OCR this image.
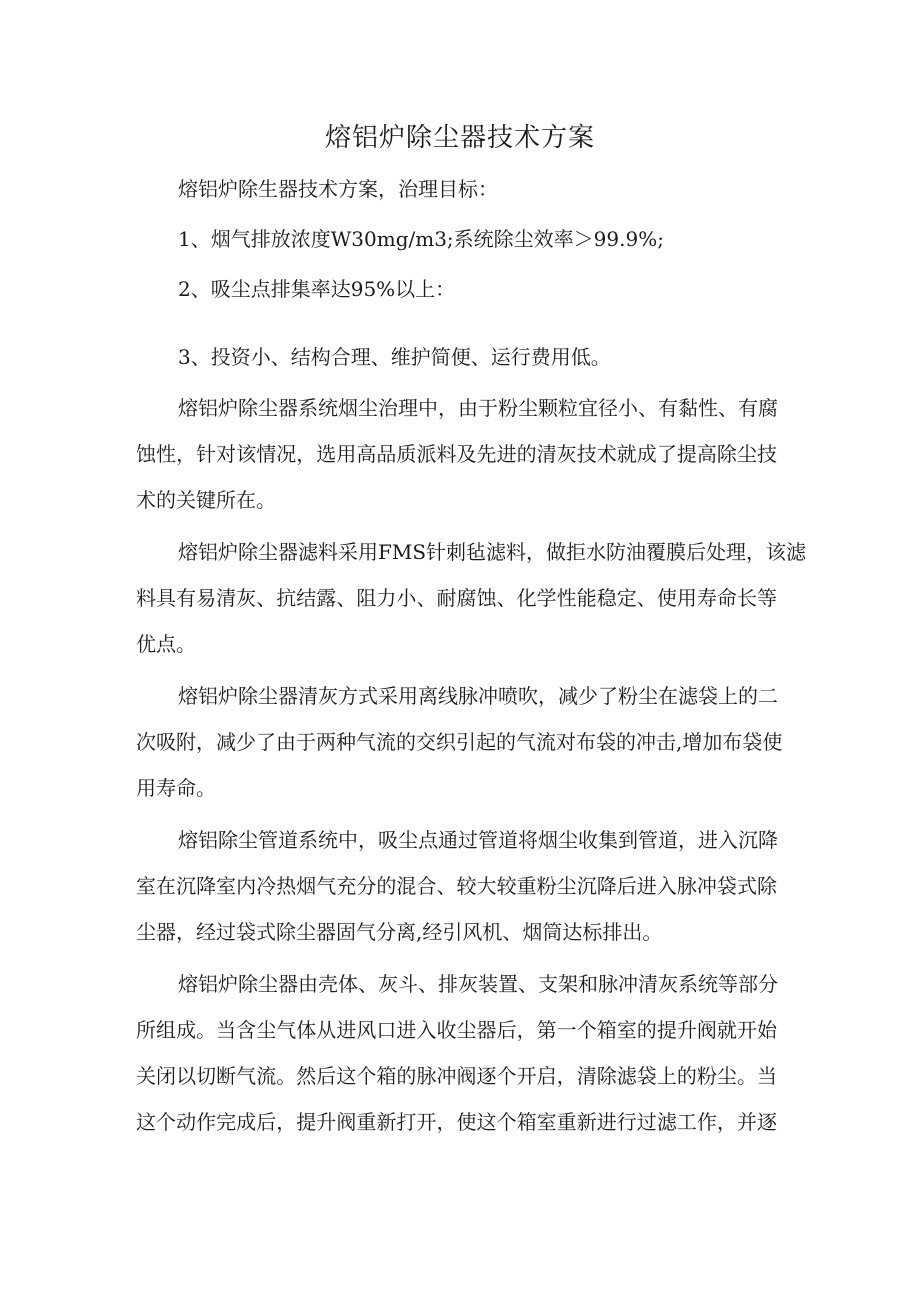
熔铝炉除尘器技术方案
熔铝炉除生器技术方案，治理目标：
1、烟气排放浓度W30mg/m3;系统除尘效率＞99.9%;
2、吸尘点排集率达95%以上：
3、投资小、结构合理、维护简便、运行费用低。
熔铝炉除尘器系统烟尘治理中，由于粉尘颗粒宜径小、有黏性、有腐
蚀性，针对该情况，选用高品质派料及先进的清灰技术就成了提高除尘技
术的关键所在。
熔铝炉除尘器滤料采用FMS针刺毡滤料，做拒水防油覆膜后处理，该滤
料具有易清灰、抗结露、阻力小、耐腐蚀、化学性能稳定、使用寿命长等
优点。
熔铝炉除尘器清灰方式采用离线脉冲喷吹，减少了粉尘在滤袋上的二
次吸附，减少了由于两种气流的交织引起的气流对布袋的冲击,增加布袋使
用寿命。
熔铝除尘管道系统中，吸尘点通过管道将烟尘收集到管道，进入沉降
室在沉降室内冷热烟气充分的混合、较大较重粉尘沉降后进入脉冲袋式除
尘器，经过袋式除尘器固气分离,经引风机、烟筒达标排出。
熔铝炉除尘器由壳体、灰斗、排灰装置、支架和脉冲清灰系统等部分
所组成。当含尘气体从进风口进入收尘器后，第一个箱室的提升阀就开始
关闭以切断气流。然后这个箱的脉冲阀逐个开启，清除滤袋上的粉尘。当
这个动作完成后，提升阀重新打开，使这个箱室重新进行过滤工作，并逐
